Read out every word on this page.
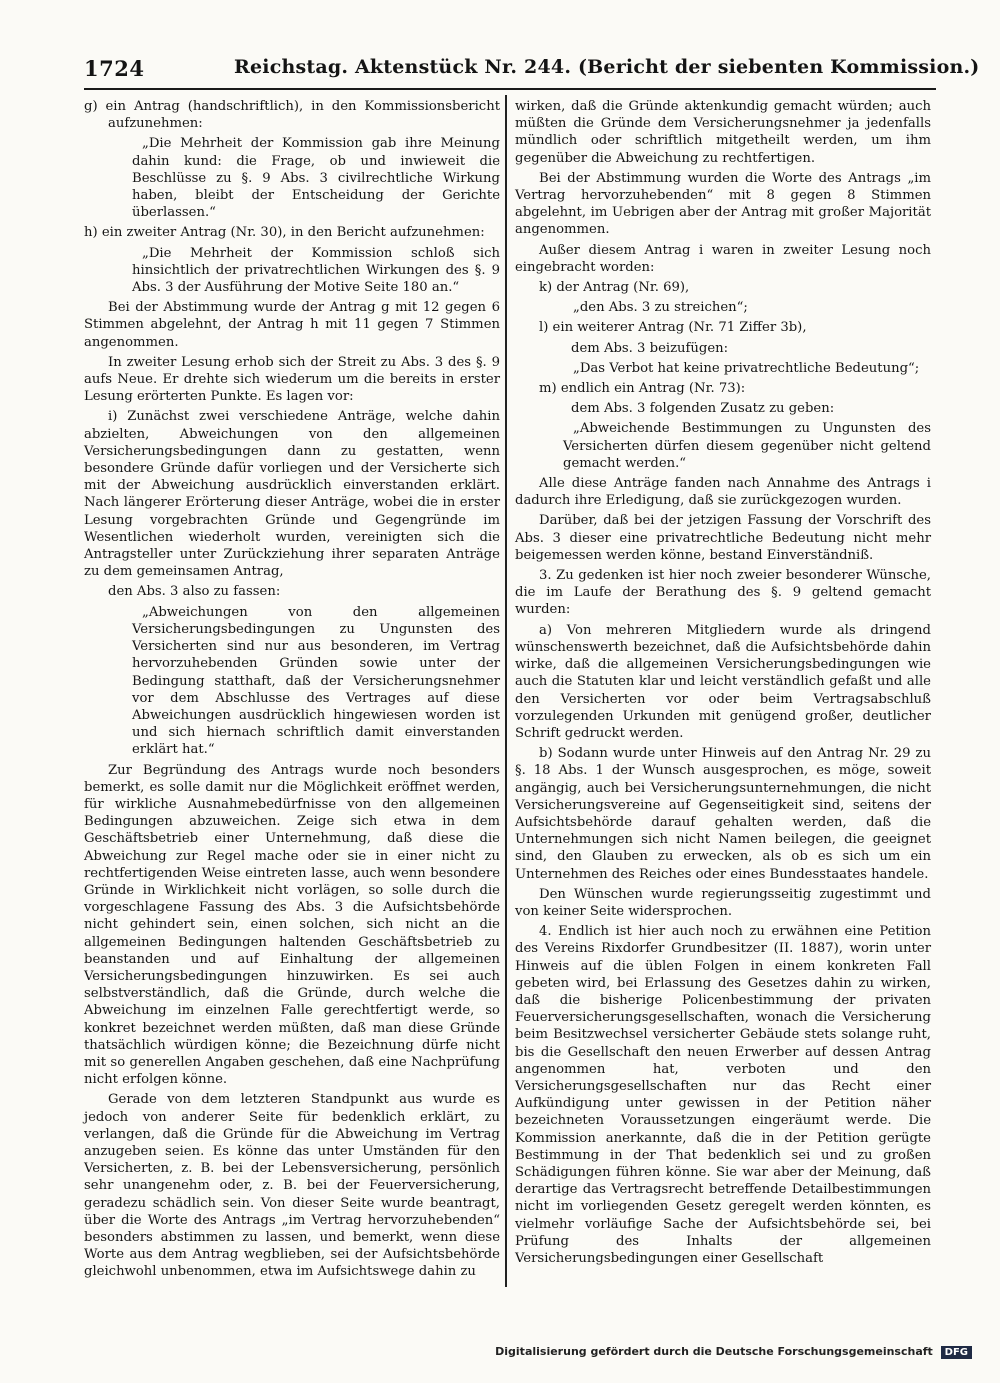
1724	Reichstag. Aktenstück Nr. 244. (Bericht der siebenten Kommission.)

g) ein Antrag (handschriftlich), in den Kommissionsbericht aufzunehmen:

„Die Mehrheit der Kommission gab ihre Meinung dahin kund: die Frage, ob und inwieweit die Beschlüsse zu §. 9 Abs. 3 civilrechtliche Wirkung haben, bleibt der Entscheidung der Gerichte überlassen.“

h) ein zweiter Antrag (Nr. 30), in den Bericht aufzunehmen:

„Die Mehrheit der Kommission schloß sich hinsichtlich der privatrechtlichen Wirkungen des §. 9 Abs. 3 der Ausführung der Motive Seite 180 an.“

Bei der Abstimmung wurde der Antrag g mit 12 gegen 6 Stimmen abgelehnt, der Antrag h mit 11 gegen 7 Stimmen angenommen.

In zweiter Lesung erhob sich der Streit zu Abs. 3 des §. 9 aufs Neue. Er drehte sich wiederum um die bereits in erster Lesung erörterten Punkte. Es lagen vor:

i) Zunächst zwei verschiedene Anträge, welche dahin abzielten, Abweichungen von den allgemeinen Versicherungsbedingungen dann zu gestatten, wenn besondere Gründe dafür vorliegen und der Versicherte sich mit der Abweichung ausdrücklich einverstanden erklärt. Nach längerer Erörterung dieser Anträge, wobei die in erster Lesung vorgebrachten Gründe und Gegengründe im Wesentlichen wiederholt wurden, vereinigten sich die Antragsteller unter Zurückziehung ihrer separaten Anträge zu dem gemeinsamen Antrag,

den Abs. 3 also zu fassen:

„Abweichungen von den allgemeinen Versicherungsbedingungen zu Ungunsten des Versicherten sind nur aus besonderen, im Vertrag hervorzuhebenden Gründen sowie unter der Bedingung statthaft, daß der Versicherungsnehmer vor dem Abschlusse des Vertrages auf diese Abweichungen ausdrücklich hingewiesen worden ist und sich hiernach schriftlich damit einverstanden erklärt hat.“

Zur Begründung des Antrags wurde noch besonders bemerkt, es solle damit nur die Möglichkeit eröffnet werden, für wirkliche Ausnahmebedürfnisse von den allgemeinen Bedingungen abzuweichen. Zeige sich etwa in dem Geschäftsbetrieb einer Unternehmung, daß diese die Abweichung zur Regel mache oder sie in einer nicht zu rechtfertigenden Weise eintreten lasse, auch wenn besondere Gründe in Wirklichkeit nicht vorlägen, so solle durch die vorgeschlagene Fassung des Abs. 3 die Aufsichtsbehörde nicht gehindert sein, einen solchen, sich nicht an die allgemeinen Bedingungen haltenden Geschäftsbetrieb zu beanstanden und auf Einhaltung der allgemeinen Versicherungsbedingungen hinzuwirken. Es sei auch selbstverständlich, daß die Gründe, durch welche die Abweichung im einzelnen Falle gerechtfertigt werde, so konkret bezeichnet werden müßten, daß man diese Gründe thatsächlich würdigen könne; die Bezeichnung dürfe nicht mit so generellen Angaben geschehen, daß eine Nachprüfung nicht erfolgen könne.

Gerade von dem letzteren Standpunkt aus wurde es jedoch von anderer Seite für bedenklich erklärt, zu verlangen, daß die Gründe für die Abweichung im Vertrag anzugeben seien. Es könne das unter Umständen für den Versicherten, z. B. bei der Lebensversicherung, persönlich sehr unangenehm oder, z. B. bei der Feuerversicherung, geradezu schädlich sein. Von dieser Seite wurde beantragt, über die Worte des Antrags „im Vertrag hervorzuhebenden“ besonders abstimmen zu lassen, und bemerkt, wenn diese Worte aus dem Antrag wegblieben, sei der Aufsichtsbehörde gleichwohl unbenommen, etwa im Aufsichtswege dahin zu

wirken, daß die Gründe aktenkundig gemacht würden; auch müßten die Gründe dem Versicherungsnehmer ja jedenfalls mündlich oder schriftlich mitgetheilt werden, um ihm gegenüber die Abweichung zu rechtfertigen.

Bei der Abstimmung wurden die Worte des Antrags „im Vertrag hervorzuhebenden“ mit 8 gegen 8 Stimmen abgelehnt, im Uebrigen aber der Antrag mit großer Majorität angenommen.

Außer diesem Antrag i waren in zweiter Lesung noch eingebracht worden:

k) der Antrag (Nr. 69),

„den Abs. 3 zu streichen“;

l) ein weiterer Antrag (Nr. 71 Ziffer 3b),

dem Abs. 3 beizufügen:

„Das Verbot hat keine privatrechtliche Bedeutung“;

m) endlich ein Antrag (Nr. 73):

dem Abs. 3 folgenden Zusatz zu geben:

„Abweichende Bestimmungen zu Ungunsten des Versicherten dürfen diesem gegenüber nicht geltend gemacht werden.“

Alle diese Anträge fanden nach Annahme des Antrags i dadurch ihre Erledigung, daß sie zurückgezogen wurden.

Darüber, daß bei der jetzigen Fassung der Vorschrift des Abs. 3 dieser eine privatrechtliche Bedeutung nicht mehr beigemessen werden könne, bestand Einverständniß.

3. Zu gedenken ist hier noch zweier besonderer Wünsche, die im Laufe der Berathung des §. 9 geltend gemacht wurden:

a) Von mehreren Mitgliedern wurde als dringend wünschenswerth bezeichnet, daß die Aufsichtsbehörde dahin wirke, daß die allgemeinen Versicherungsbedingungen wie auch die Statuten klar und leicht verständlich gefaßt und alle den Versicherten vor oder beim Vertragsabschluß vorzulegenden Urkunden mit genügend großer, deutlicher Schrift gedruckt werden.

b) Sodann wurde unter Hinweis auf den Antrag Nr. 29 zu §. 18 Abs. 1 der Wunsch ausgesprochen, es möge, soweit angängig, auch bei Versicherungsunternehmungen, die nicht Versicherungsvereine auf Gegenseitigkeit sind, seitens der Aufsichtsbehörde darauf gehalten werden, daß die Unternehmungen sich nicht Namen beilegen, die geeignet sind, den Glauben zu erwecken, als ob es sich um ein Unternehmen des Reiches oder eines Bundesstaates handele.

Den Wünschen wurde regierungsseitig zugestimmt und von keiner Seite widersprochen.

4. Endlich ist hier auch noch zu erwähnen eine Petition des Vereins Rixdorfer Grundbesitzer (II. 1887), worin unter Hinweis auf die üblen Folgen in einem konkreten Fall gebeten wird, bei Erlassung des Gesetzes dahin zu wirken, daß die bisherige Policenbestimmung der privaten Feuerversicherungsgesellschaften, wonach die Versicherung beim Besitzwechsel versicherter Gebäude stets solange ruht, bis die Gesellschaft den neuen Erwerber auf dessen Antrag angenommen hat, verboten und den Versicherungsgesellschaften nur das Recht einer Aufkündigung unter gewissen in der Petition näher bezeichneten Voraussetzungen eingeräumt werde. Die Kommission anerkannte, daß die in der Petition gerügte Bestimmung in der That bedenklich sei und zu großen Schädigungen führen könne. Sie war aber der Meinung, daß derartige das Vertragsrecht betreffende Detailbestimmungen nicht im vorliegenden Gesetz geregelt werden könnten, es vielmehr vorläufige Sache der Aufsichtsbehörde sei, bei Prüfung des Inhalts der allgemeinen Versicherungsbedingungen einer Gesellschaft

Digitalisierung gefördert durch die Deutsche Forschungsgemeinschaft DFG
